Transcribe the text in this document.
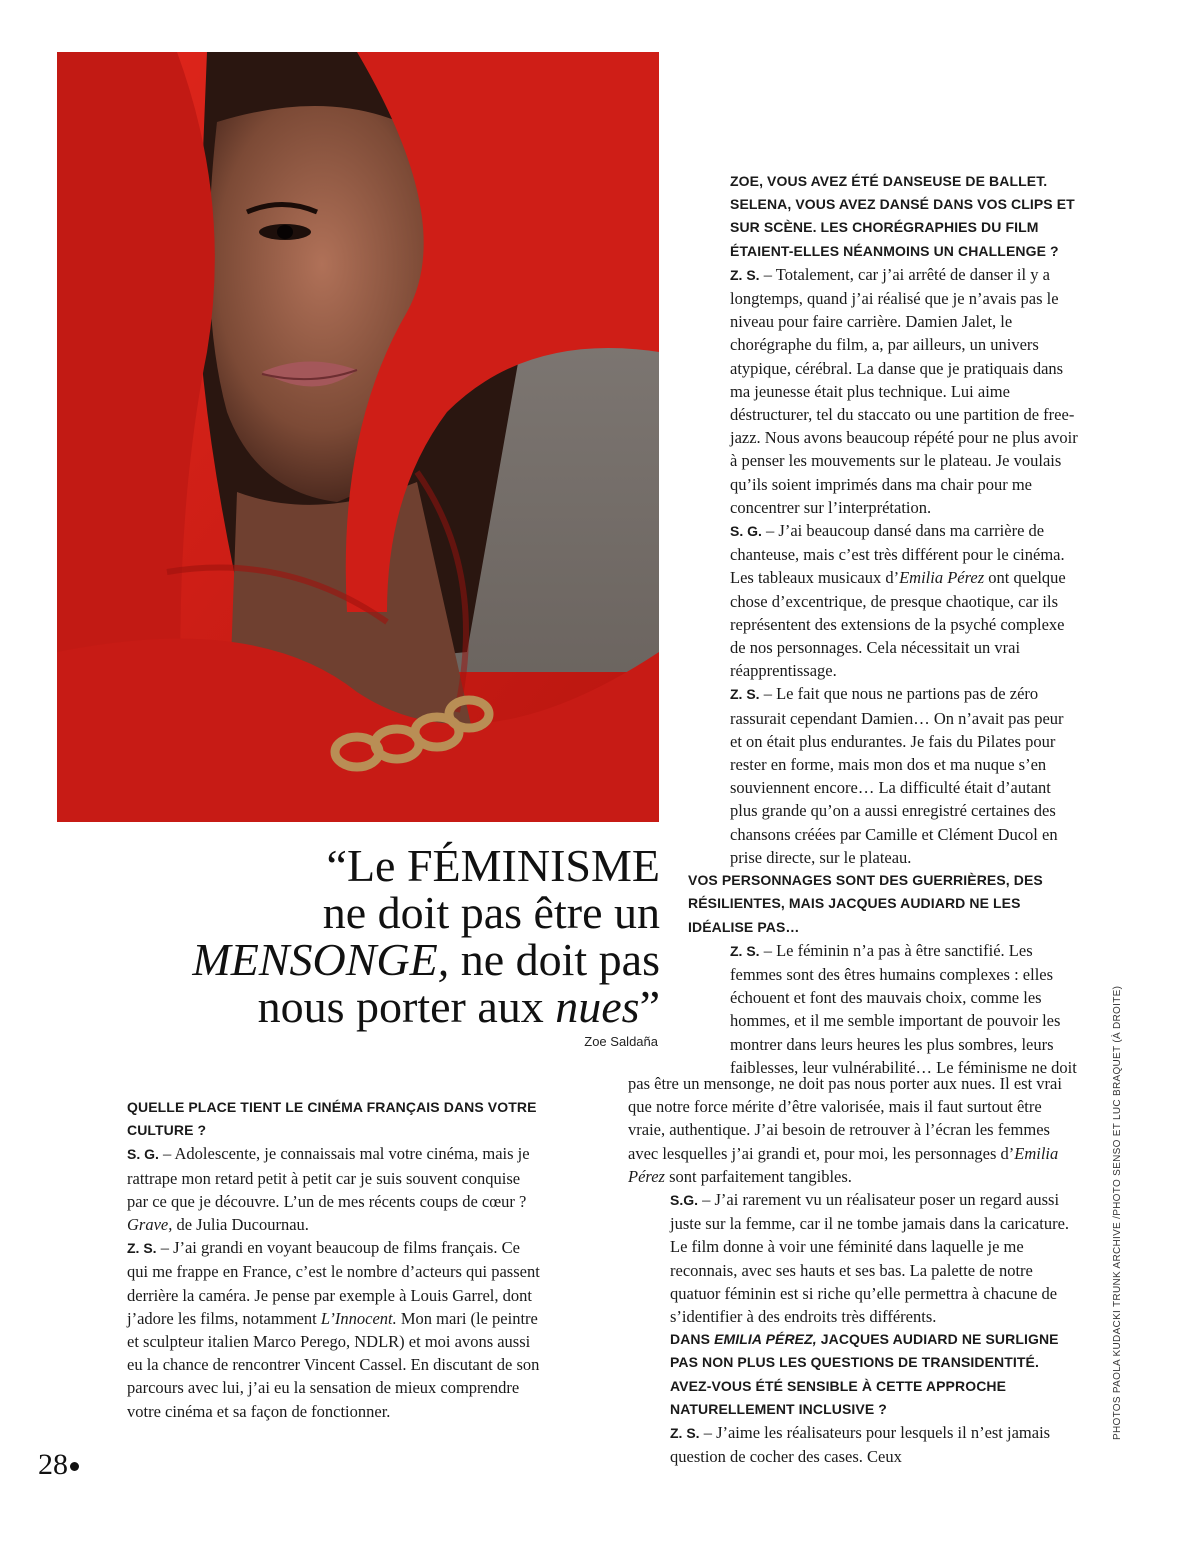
“Le FÉMINISME
ne doit pas être un
MENSONGE, ne doit pas
nous porter aux nues”
Zoe Saldaña

ZOE, VOUS AVEZ ÉTÉ DANSEUSE DE BALLET. SELENA, VOUS AVEZ DANSÉ DANS VOS CLIPS ET SUR SCÈNE. LES CHORÉGRAPHIES DU FILM ÉTAIENT-ELLES NÉANMOINS UN CHALLENGE ?

Z. S. – Totalement, car j’ai arrêté de danser il y a longtemps, quand j’ai réalisé que je n’avais pas le niveau pour faire carrière. Damien Jalet, le chorégraphe du film, a, par ailleurs, un univers atypique, cérébral. La danse que je pratiquais dans ma jeunesse était plus technique. Lui aime déstructurer, tel du staccato ou une partition de free-jazz. Nous avons beaucoup répété pour ne plus avoir à penser les mouvements sur le plateau. Je voulais qu’ils soient imprimés dans ma chair pour me concentrer sur l’interprétation.

S. G. – J’ai beaucoup dansé dans ma carrière de chanteuse, mais c’est très différent pour le cinéma. Les tableaux musicaux d’Emilia Pérez ont quelque chose d’excentrique, de presque chaotique, car ils représentent des extensions de la psyché complexe de nos personnages. Cela nécessitait un vrai réapprentissage.

Z. S. – Le fait que nous ne partions pas de zéro rassurait cependant Damien… On n’avait pas peur et on était plus endurantes. Je fais du Pilates pour rester en forme, mais mon dos et ma nuque s’en souviennent encore… La difficulté était d’autant plus grande qu’on a aussi enregistré certaines des chansons créées par Camille et Clément Ducol en prise directe, sur le plateau.

VOS PERSONNAGES SONT DES GUERRIÈRES, DES RÉSILIENTES, MAIS JACQUES AUDIARD NE LES IDÉALISE PAS…

Z. S. – Le féminin n’a pas à être sanctifié. Les femmes sont des êtres humains complexes : elles échouent et font des mauvais choix, comme les hommes, et il me semble important de pouvoir les montrer dans leurs heures les plus sombres, leurs faiblesses, leur vulnérabilité… Le féminisme ne doit

pas être un mensonge, ne doit pas nous porter aux nues. Il est vrai que notre force mérite d’être valorisée, mais il faut surtout être vraie, authentique. J’ai besoin de retrouver à l’écran les femmes avec lesquelles j’ai grandi et, pour moi, les personnages d’Emilia Pérez sont parfaitement tangibles.

S.G. – J’ai rarement vu un réalisateur poser un regard aussi juste sur la femme, car il ne tombe jamais dans la caricature. Le film donne à voir une féminité dans laquelle je me reconnais, avec ses hauts et ses bas. La palette de notre quatuor féminin est si riche qu’elle permettra à chacune de s’identifier à des endroits très différents.

DANS EMILIA PÉREZ, JACQUES AUDIARD NE SURLIGNE PAS NON PLUS LES QUESTIONS DE TRANSIDENTITÉ. AVEZ-VOUS ÉTÉ SENSIBLE À CETTE APPROCHE NATURELLEMENT INCLUSIVE ?

Z. S. – J’aime les réalisateurs pour lesquels il n’est jamais question de cocher des cases. Ceux

QUELLE PLACE TIENT LE CINÉMA FRANÇAIS DANS VOTRE CULTURE ?

S. G. – Adolescente, je connaissais mal votre cinéma, mais je rattrape mon retard petit à petit car je suis souvent conquise par ce que je découvre. L’un de mes récents coups de cœur ? Grave, de Julia Ducournau.

Z. S. – J’ai grandi en voyant beaucoup de films français. Ce qui me frappe en France, c’est le nombre d’acteurs qui passent derrière la caméra. Je pense par exemple à Louis Garrel, dont j’adore les films, notamment L’Innocent. Mon mari (le peintre et sculpteur italien Marco Perego, NDLR) et moi avons aussi eu la chance de rencontrer Vincent Cassel. En discutant de son parcours avec lui, j’ai eu la sensation de mieux comprendre votre cinéma et sa façon de fonctionner.

28
PHOTOS PAOLA KUDACKI TRUNK ARCHIVE /PHOTO SENSO ET LUC BRAQUET (À DROITE)
